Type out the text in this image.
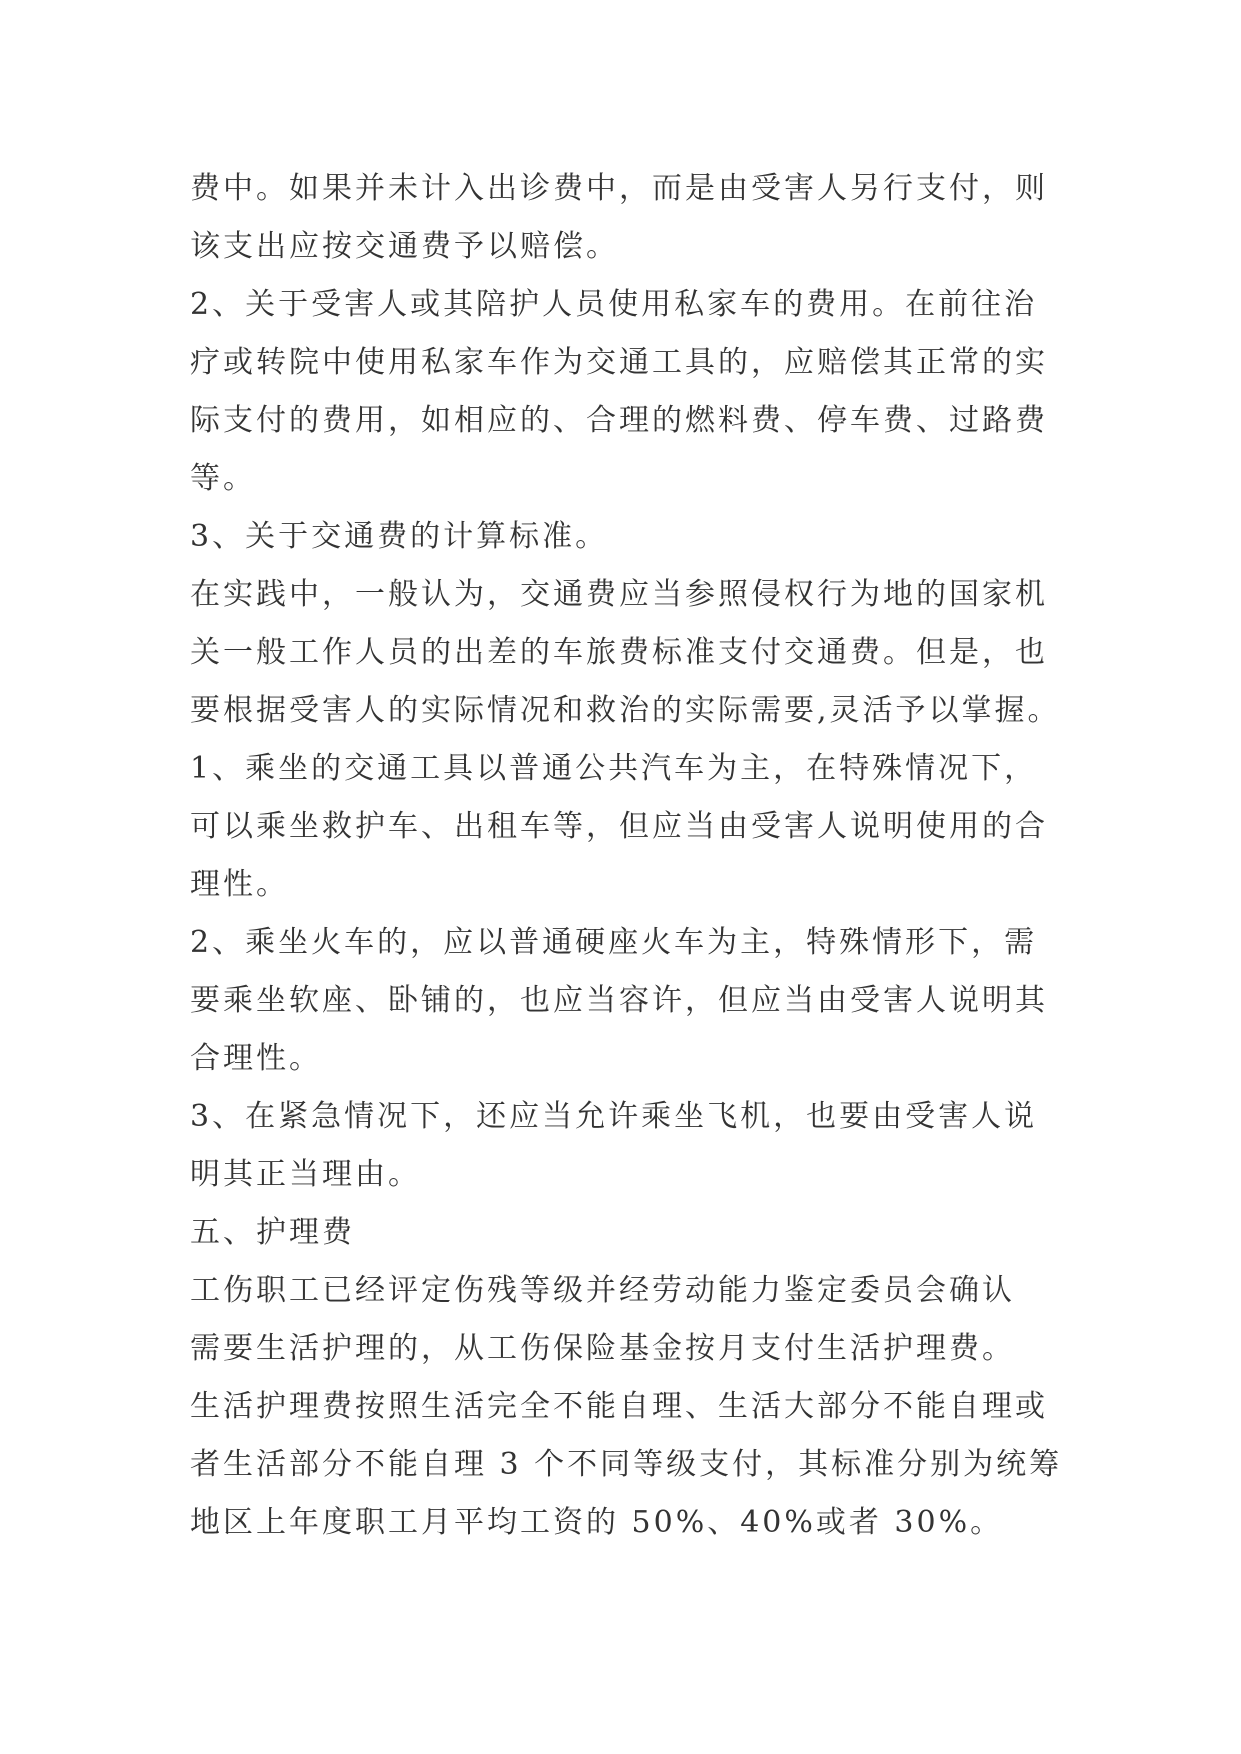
费中。如果并未计入出诊费中，而是由受害人另行支付，则
该支出应按交通费予以赔偿。
2、关于受害人或其陪护人员使用私家车的费用。在前往治
疗或转院中使用私家车作为交通工具的，应赔偿其正常的实
际支付的费用，如相应的、合理的燃料费、停车费、过路费
等。
3、关于交通费的计算标准。
在实践中，一般认为，交通费应当参照侵权行为地的国家机
关一般工作人员的出差的车旅费标准支付交通费。但是，也
要根据受害人的实际情况和救治的实际需要,灵活予以掌握。
1、乘坐的交通工具以普通公共汽车为主，在特殊情况下，
可以乘坐救护车、出租车等，但应当由受害人说明使用的合
理性。
2、乘坐火车的，应以普通硬座火车为主，特殊情形下，需
要乘坐软座、卧铺的，也应当容许，但应当由受害人说明其
合理性。
3、在紧急情况下，还应当允许乘坐飞机，也要由受害人说
明其正当理由。
五、护理费
工伤职工已经评定伤残等级并经劳动能力鉴定委员会确认
需要生活护理的，从工伤保险基金按月支付生活护理费。
生活护理费按照生活完全不能自理、生活大部分不能自理或
者生活部分不能自理 3 个不同等级支付，其标准分别为统筹
地区上年度职工月平均工资的 50%、40%或者 30%。
